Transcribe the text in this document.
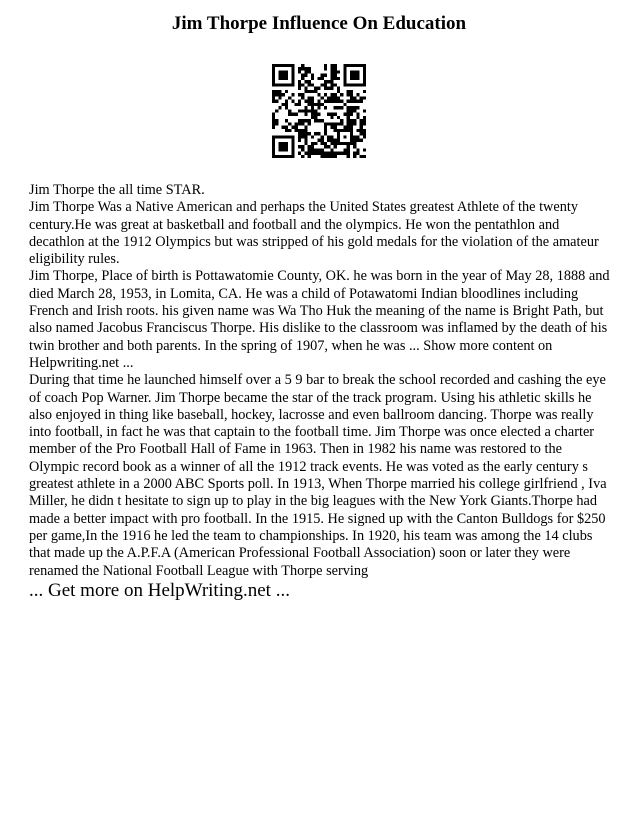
Jim Thorpe Influence On Education

Jim Thorpe the all time STAR.

Jim Thorpe Was a Native American and perhaps the United States greatest Athlete of the twenty century.He was great at basketball and football and the olympics. He won the pentathlon and decathlon at the 1912 Olympics but was stripped of his gold medals for the violation of the amateur eligibility rules.

Jim Thorpe, Place of birth is Pottawatomie County, OK. he was born in the year of May 28, 1888 and died March 28, 1953, in Lomita, CA. He was a child of Potawatomi Indian bloodlines including French and Irish roots. his given name was Wa Tho Huk the meaning of the name is Bright Path, but also named Jacobus Franciscus Thorpe. His dislike to the classroom was inflamed by the death of his twin brother and both parents. In the spring of 1907, when he was ... Show more content on Helpwriting.net ...

During that time he launched himself over a 5 9 bar to break the school recorded and cashing the eye of coach Pop Warner. Jim Thorpe became the star of the track program. Using his athletic skills he also enjoyed in thing like baseball, hockey, lacrosse and even ballroom dancing. Thorpe was really into football, in fact he was that captain to the football time. Jim Thorpe was once elected a charter member of the Pro Football Hall of Fame in 1963. Then in 1982 his name was restored to the Olympic record book as a winner of all the 1912 track events. He was voted as the early century s greatest athlete in a 2000 ABC Sports poll. In 1913, When Thorpe married his college girlfriend , Iva Miller, he didn t hesitate to sign up to play in the big leagues with the New York Giants.Thorpe had made a better impact with pro football. In the 1915. He signed up with the Canton Bulldogs for $250 per game,In the 1916 he led the team to championships. In 1920, his team was among the 14 clubs that made up the A.P.F.A (American Professional Football Association) soon or later they were renamed the National Football League with Thorpe serving

... Get more on HelpWriting.net ...
